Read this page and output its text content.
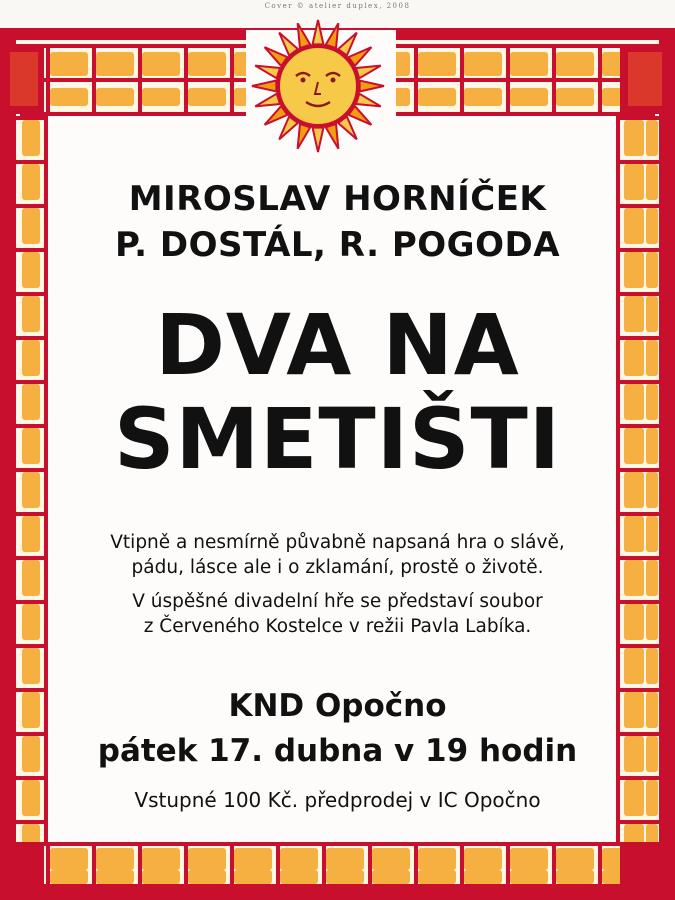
Cover © atelier duplex, 2008
MIROSLAV HORNÍČEK
P. DOSTÁL, R. POGODA
DVA NA
SMETIŠTI

Vtipně a nesmírně půvabně napsaná hra o slávě,
pádu, lásce ale i o zklamání, prostě o životě.

V úspěšné divadelní hře se představí soubor
z Červeného Kostelce v režii Pavla Labíka.

KND Opočno
pátek 17. dubna v 19 hodin
Vstupné 100 Kč. předprodej v IC Opočno
